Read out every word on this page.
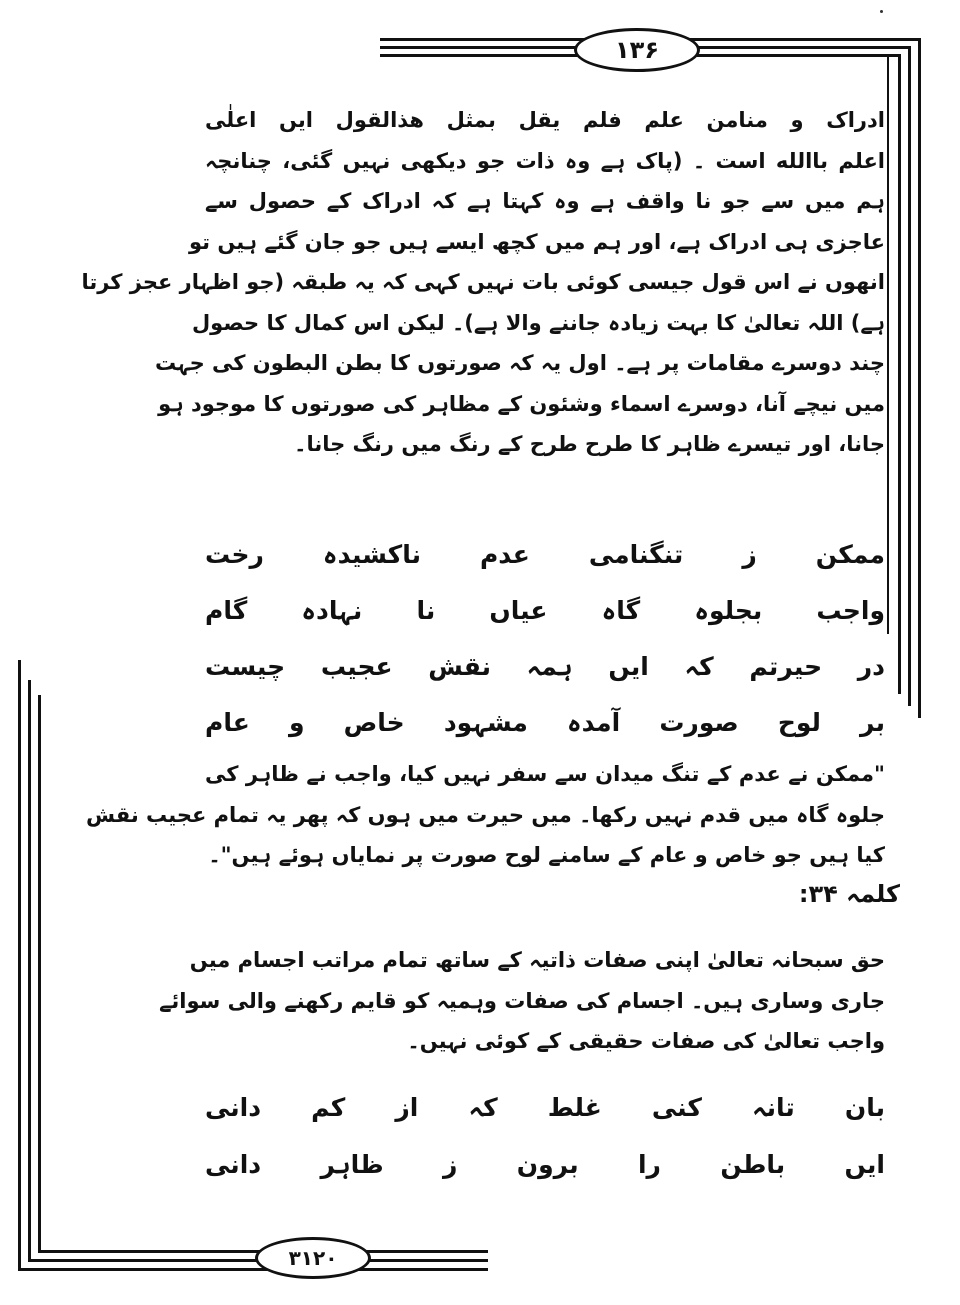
۱۳۶
۳۱۲۰
ادراک و منامن علم فلم یقل بمثل هذالقول ایں اعلٰی
اعلم باالله است ۔ (پاک ہے وہ ذات جو دیکھی نہیں گئی، چنانچہ
ہم میں سے جو نا واقف ہے وہ کہتا ہے کہ ادراک کے حصول سے
عاجزی ہی ادراک ہے، اور ہم میں کچھ ایسے ہیں جو جان گئے ہیں تو
انھوں نے اس قول جیسی کوئی بات نہیں کہی کہ یہ طبقہ (جو اظہار عجز کرتا
ہے) اللہ تعالیٰ کا بہت زیادہ جاننے والا ہے)۔ لیکن اس کمال کا حصول
چند دوسرے مقامات پر ہے۔ اول یہ کہ صورتوں کا بطن البطون کی جہت
میں نیچے آنا، دوسرے اسماء وشئون کے مظاہر کی صورتوں کا موجود ہو
جانا، اور تیسرے ظاہر کا طرح طرح کے رنگ میں رنگ جانا۔
ممکن
ز
تنگنامی
عدم
ناکشیدہ
رخت
واجب
بجلوہ
گاہ
عیاں
نا
نہادہ
گام
در
حیرتم
کہ
ایں
ہمہ
نقش
عجیب
چیست
بر
لوح
صورت
آمدہ
مشہود
خاص
و
عام
"ممکن نے عدم کے تنگ میدان سے سفر نہیں کیا، واجب نے ظاہر کی
جلوہ گاہ میں قدم نہیں رکھا۔ میں حیرت میں ہوں کہ پھر یہ تمام عجیب نقش
کیا ہیں جو خاص و عام کے سامنے لوح صورت پر نمایاں ہوئے ہیں"۔
کلمہ ۳۴:
حق سبحانہ تعالیٰ اپنی صفات ذاتیہ کے ساتھ تمام مراتب اجسام میں
جاری وساری ہیں۔ اجسام کی صفات وہمیہ کو قایم رکھنے والی سوائے
واجب تعالیٰ کی صفات حقیقی کے کوئی نہیں۔
بان
تانہ
کنی
غلط
کہ
از
کم
دانی
ایں
باطن
را
برون
ز
ظاہر
دانی
